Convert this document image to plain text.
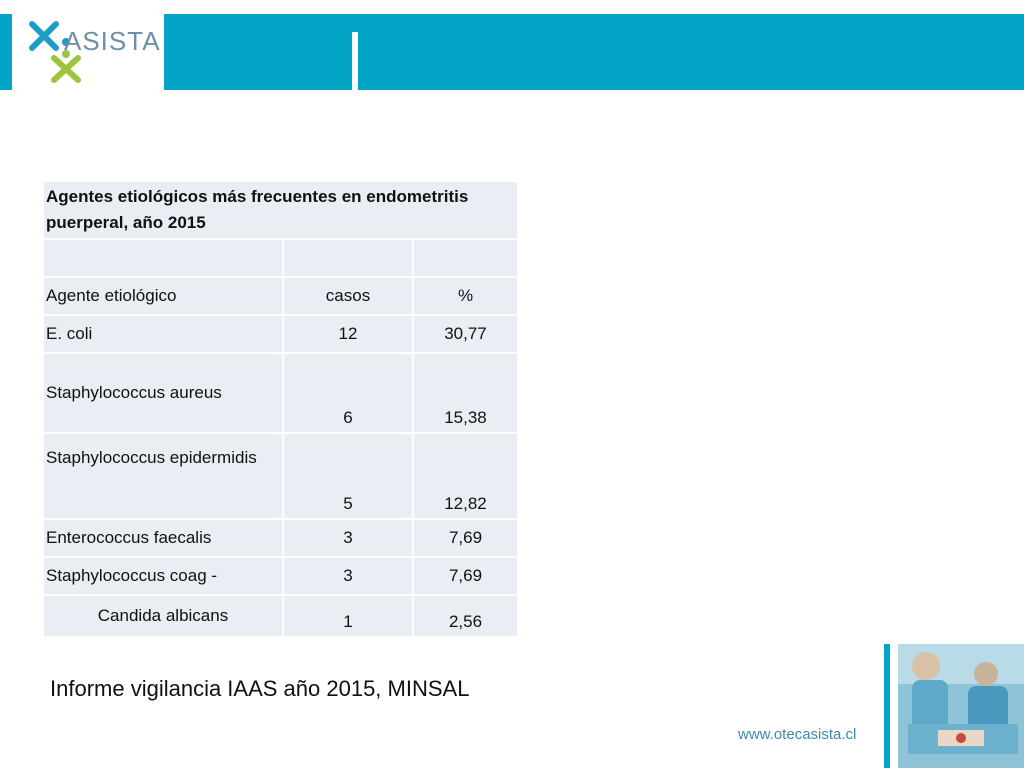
ASISTA
Agentes etiológicos más frecuentes en endometritis puerperal, año 2015		

Agente etiológico	casos	%
E. coli	12	30,77
Staphylococcus aureus	6	15,38
Staphylococcus epidermidis	5	12,82
Enterococcus faecalis	3	7,69
Staphylococcus coag -	3	7,69
Candida albicans	1	2,56
Informe vigilancia IAAS año 2015, MINSAL
www.otecasista.cl
